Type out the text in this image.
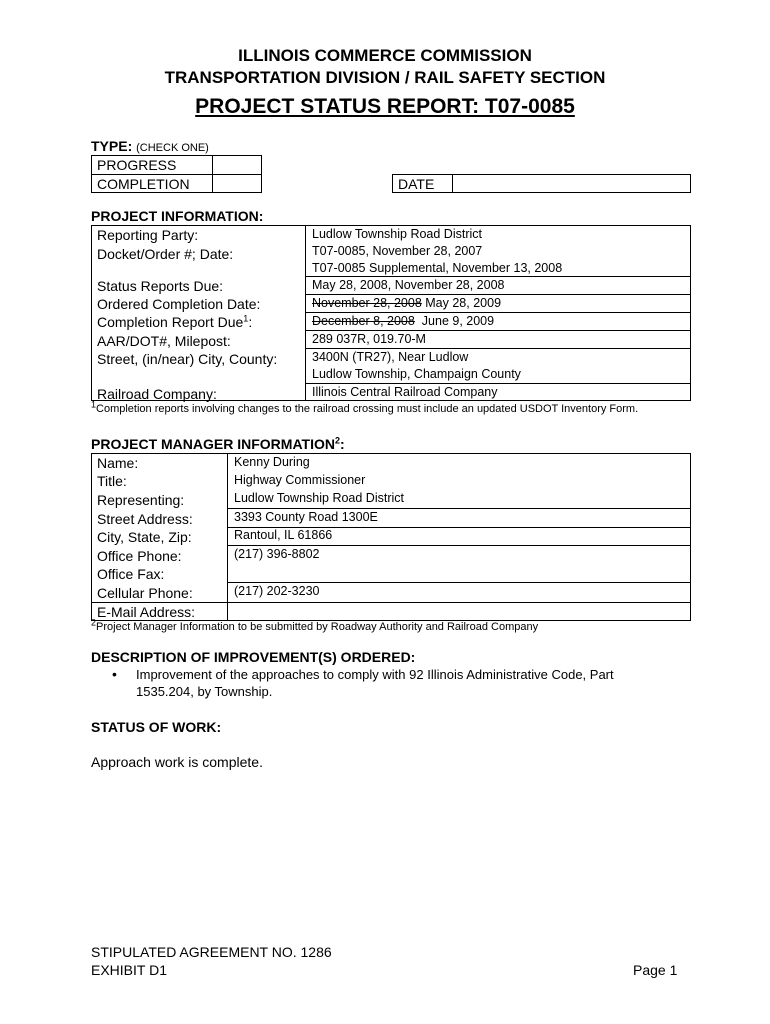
ILLINOIS COMMERCE COMMISSION
TRANSPORTATION DIVISION / RAIL SAFETY SECTION
PROJECT STATUS REPORT: T07-0085
TYPE: (CHECK ONE)
PROGRESS
COMPLETION	DATE
PROJECT INFORMATION:
Reporting Party:
Docket/Order #; Date:
Status Reports Due:
Ordered Completion Date:
Completion Report Due$^1$:
AAR/DOT#, Milepost:
Street, (in/near) City, County:
Railroad Company:
Ludlow Township Road District
T07-0085, November 28, 2007
T07-0085 Supplemental, November 13, 2008
May 28, 2008, November 28, 2008
November 28, 2008 May 28, 2009
December 8, 2008  June 9, 2009
289 037R, 019.70-M
3400N (TR27), Near Ludlow
Ludlow Township, Champaign County
Illinois Central Railroad Company
$^1$Completion reports involving changes to the railroad crossing must include an updated USDOT Inventory Form.
PROJECT MANAGER INFORMATION$^2$:
Name:
Title:
Representing:
Street Address:
City, State, Zip:
Office Phone:
Office Fax:
Cellular Phone:
E-Mail Address:
Kenny During
Highway Commissioner
Ludlow Township Road District
3393 County Road 1300E
Rantoul, IL 61866
(217) 396-8802
(217) 202-3230
$^2$Project Manager Information to be submitted by Roadway Authority and Railroad Company
DESCRIPTION OF IMPROVEMENT(S) ORDERED:
• Improvement of the approaches to comply with 92 Illinois Administrative Code, Part
1535.204, by Township.
STATUS OF WORK:
Approach work is complete.
STIPULATED AGREEMENT NO. 1286
EXHIBIT D1	Page 1
